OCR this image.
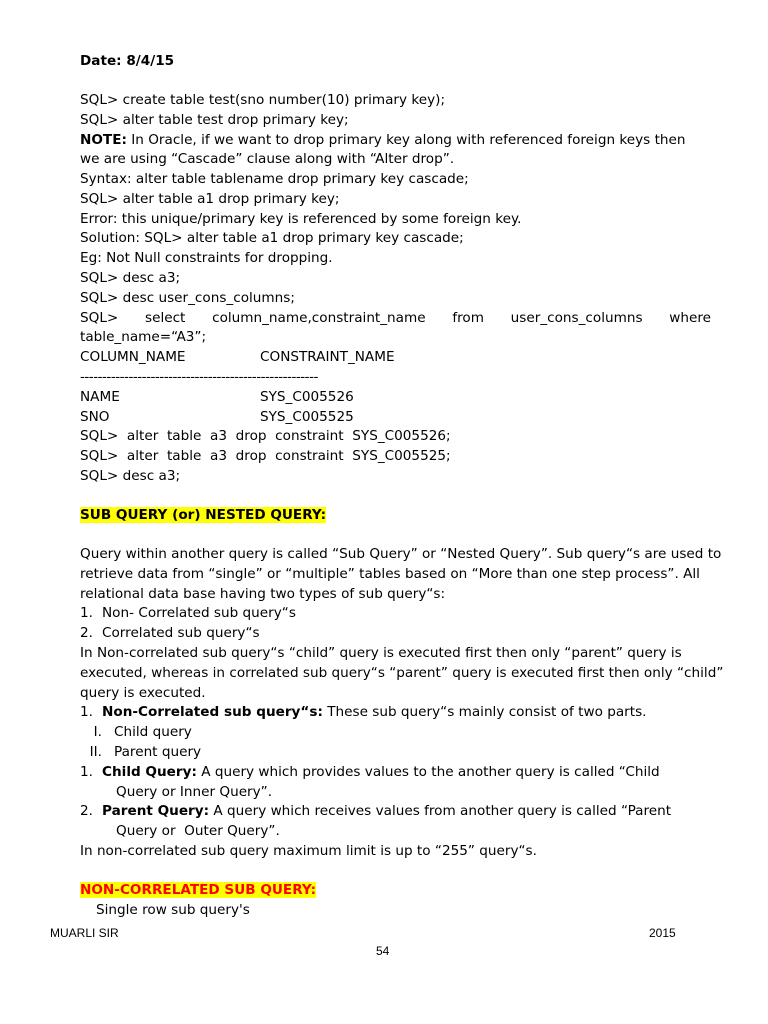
Date: 8/4/15
SQL> create table test(sno number(10) primary key);
SQL> alter table test drop primary key;
NOTE: In Oracle, if we want to drop primary key along with referenced foreign keys then
we are using “Cascade” clause along with “Alter drop”.
Syntax: alter table tablename drop primary key cascade;
SQL> alter table a1 drop primary key;
Error: this unique/primary key is referenced by some foreign key.
Solution: SQL> alter table a1 drop primary key cascade;
Eg: Not Null constraints for dropping.
SQL> desc a3;
SQL> desc user_cons_columns;
SQL> select column_name,constraint_name from user_cons_columns where
table_name=“A3”;
COLUMN_NAME	CONSTRAINT_NAME
------------------------------------------------------
NAME	SYS_C005526
SNO	SYS_C005525
SQL>  alter  table  a3  drop  constraint  SYS_C005526;
SQL>  alter  table  a3  drop  constraint  SYS_C005525;
SQL> desc a3;
SUB QUERY (or) NESTED QUERY:
Query within another query is called “Sub Query” or “Nested Query”. Sub query“s are used to
retrieve data from “single” or “multiple” tables based on “More than one step process”. All
relational data base having two types of sub query“s:
1. Non- Correlated sub query“s
2. Correlated sub query“s
In Non-correlated sub query“s “child” query is executed first then only “parent” query is
executed, whereas in correlated sub query“s “parent” query is executed first then only “child”
query is executed.
1. Non-Correlated sub query“s: These sub query“s mainly consist of two parts.
I. Child query
II. Parent query
1. Child Query: A query which provides values to the another query is called “Child
Query or Inner Query”.
2. Parent Query: A query which receives values from another query is called “Parent
Query or  Outer Query”.
In non-correlated sub query maximum limit is up to “255” query“s.
NON-CORRELATED SUB QUERY:
Single row sub query's
MUARLI SIR	2015
54
